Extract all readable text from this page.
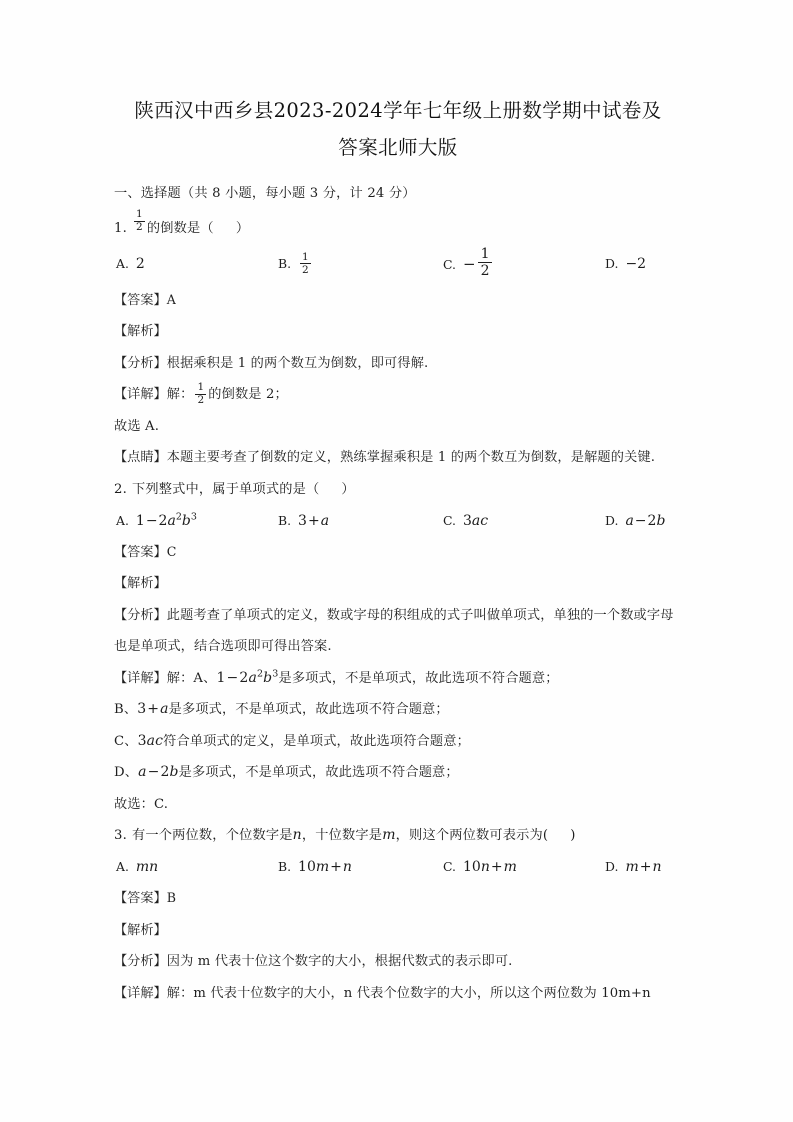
陕西汉中西乡县2023-2024学年七年级上册数学期中试卷及
答案北师大版
一、选择题（共 8 小题，每小题 3 分，计 24 分）
1. $\frac{1}{2}$ 的倒数是（ ）
A. 2	B. $\frac{1}{2}$	C. − $\frac{1}{2}$	D. −2
【答案】A
【解析】
【分析】根据乘积是 1 的两个数互为倒数，即可得解.
【详解】解： $\frac{1}{2}$ 的倒数是 2；
故选 A.
【点睛】本题主要考查了倒数的定义，熟练掌握乘积是 1 的两个数互为倒数，是解题的关键.
2. 下列整式中，属于单项式的是（ ）
A. $1-2a^2b^3$	B. 3+a	C. 3ac	D. a−2b
【答案】C
【解析】
【分析】此题考查了单项式的定义，数或字母的积组成的式子叫做单项式，单独的一个数或字母也是单项式，结合选项即可得出答案.
【详解】解：A、$1-2a^2b^3$是多项式，不是单项式，故此选项不符合题意；
B、3+a是多项式，不是单项式，故此选项不符合题意；
C、3ac符合单项式的定义，是单项式，故此选项符合题意；
D、a−2b是多项式，不是单项式，故此选项不符合题意；
故选：C.
3. 有一个两位数，个位数字是n，十位数字是m，则这个两位数可表示为( )
A. mn	B. 10m+n	C. 10n+m	D. m+n
【答案】B
【解析】
【分析】因为 m 代表十位这个数字的大小，根据代数式的表示即可.
【详解】解：m 代表十位数字的大小，n 代表个位数字的大小，所以这个两位数为 10m+n
